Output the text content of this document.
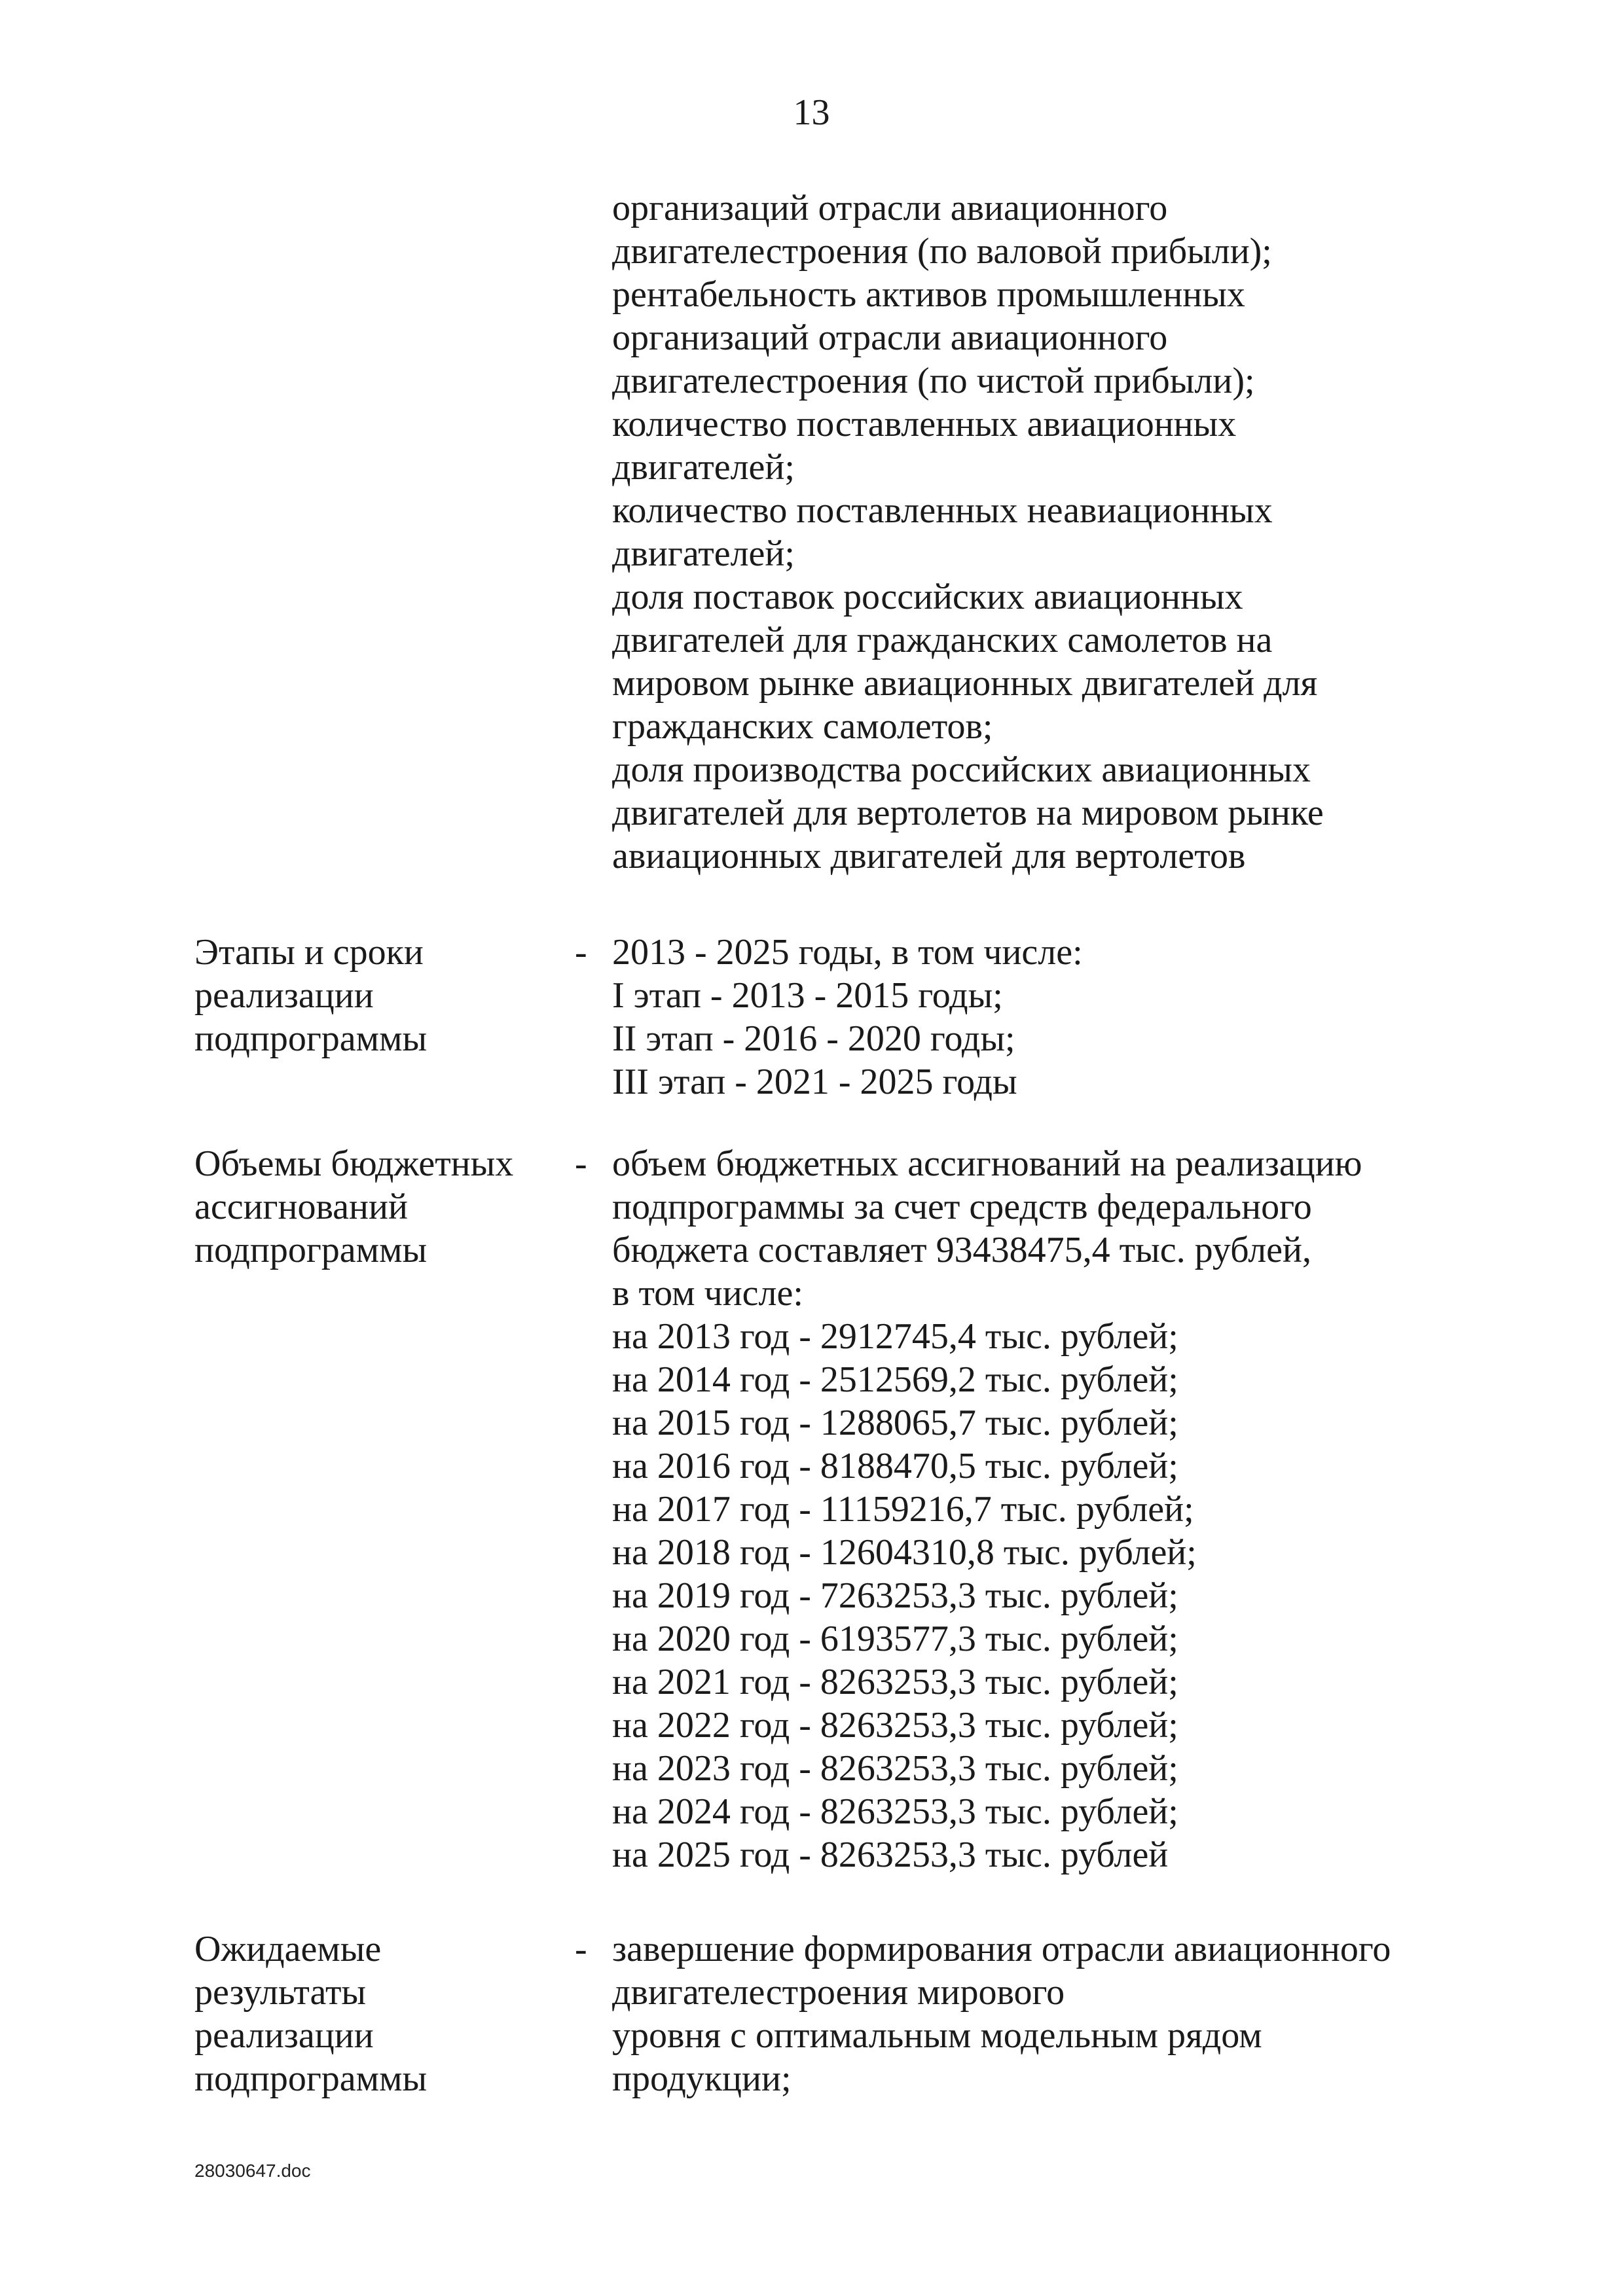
13
организаций отрасли авиационного
двигателестроения (по валовой прибыли);
рентабельность активов промышленных
организаций отрасли авиационного
двигателестроения (по чистой прибыли);
количество поставленных авиационных
двигателей;
количество поставленных неавиационных
двигателей;
доля поставок российских авиационных
двигателей для гражданских самолетов на
мировом рынке авиационных двигателей для
гражданских самолетов;
доля производства российских авиационных
двигателей для вертолетов на мировом рынке
авиационных двигателей для вертолетов
Этапы и сроки
реализации
подпрограммы
- 2013 - 2025 годы, в том числе:
I этап - 2013 - 2015 годы;
II этап - 2016 - 2020 годы;
III этап - 2021 - 2025 годы
Объемы бюджетных
ассигнований
подпрограммы
- объем бюджетных ассигнований на реализацию
подпрограммы за счет средств федерального
бюджета составляет 93438475,4 тыс. рублей,
в том числе:
на 2013 год - 2912745,4 тыс. рублей;
на 2014 год - 2512569,2 тыс. рублей;
на 2015 год - 1288065,7 тыс. рублей;
на 2016 год - 8188470,5 тыс. рублей;
на 2017 год - 11159216,7 тыс. рублей;
на 2018 год - 12604310,8 тыс. рублей;
на 2019 год - 7263253,3 тыс. рублей;
на 2020 год - 6193577,3 тыс. рублей;
на 2021 год - 8263253,3 тыс. рублей;
на 2022 год - 8263253,3 тыс. рублей;
на 2023 год - 8263253,3 тыс. рублей;
на 2024 год - 8263253,3 тыс. рублей;
на 2025 год - 8263253,3 тыс. рублей
Ожидаемые
результаты
реализации
подпрограммы
- завершение формирования отрасли авиационного
двигателестроения мирового
уровня с оптимальным модельным рядом
продукции;
28030647.doc
